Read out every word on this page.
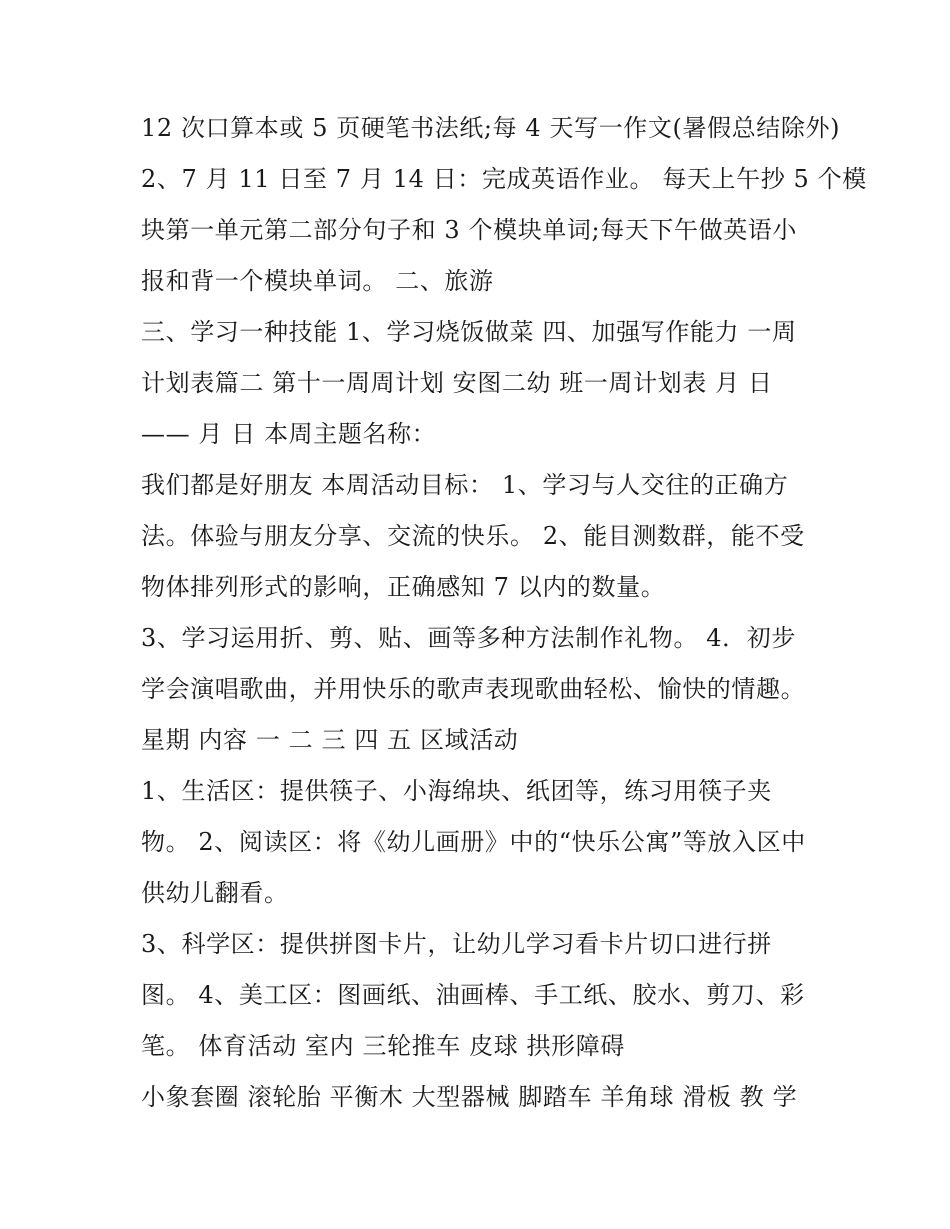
12 次口算本或 5 页硬笔书法纸;每 4 天写一作文(暑假总结除外)
2、7 月 11 日至 7 月 14 日：完成英语作业。 每天上午抄 5 个模
块第一单元第二部分句子和 3 个模块单词;每天下午做英语小
报和背一个模块单词。 二、旅游
三、学习一种技能 1、学习烧饭做菜 四、加强写作能力 一周
计划表篇二 第十一周周计划 安图二幼 班一周计划表 月 日
—— 月 日 本周主题名称：
我们都是好朋友 本周活动目标： 1、学习与人交往的正确方
法。体验与朋友分享、交流的快乐。 2、能目测数群，能不受
物体排列形式的影响，正确感知 7 以内的数量。
3、学习运用折、剪、贴、画等多种方法制作礼物。 4．初步
学会演唱歌曲，并用快乐的歌声表现歌曲轻松、愉快的情趣。
星期 内容 一 二 三 四 五 区域活动
1、生活区：提供筷子、小海绵块、纸团等，练习用筷子夹
物。 2、阅读区：将《幼儿画册》中的“快乐公寓”等放入区中
供幼儿翻看。
3、科学区：提供拼图卡片，让幼儿学习看卡片切口进行拼
图。 4、美工区：图画纸、油画棒、手工纸、胶水、剪刀、彩
笔。 体育活动 室内 三轮推车 皮球 拱形障碍
小象套圈 滚轮胎 平衡木 大型器械 脚踏车 羊角球 滑板 教 学
